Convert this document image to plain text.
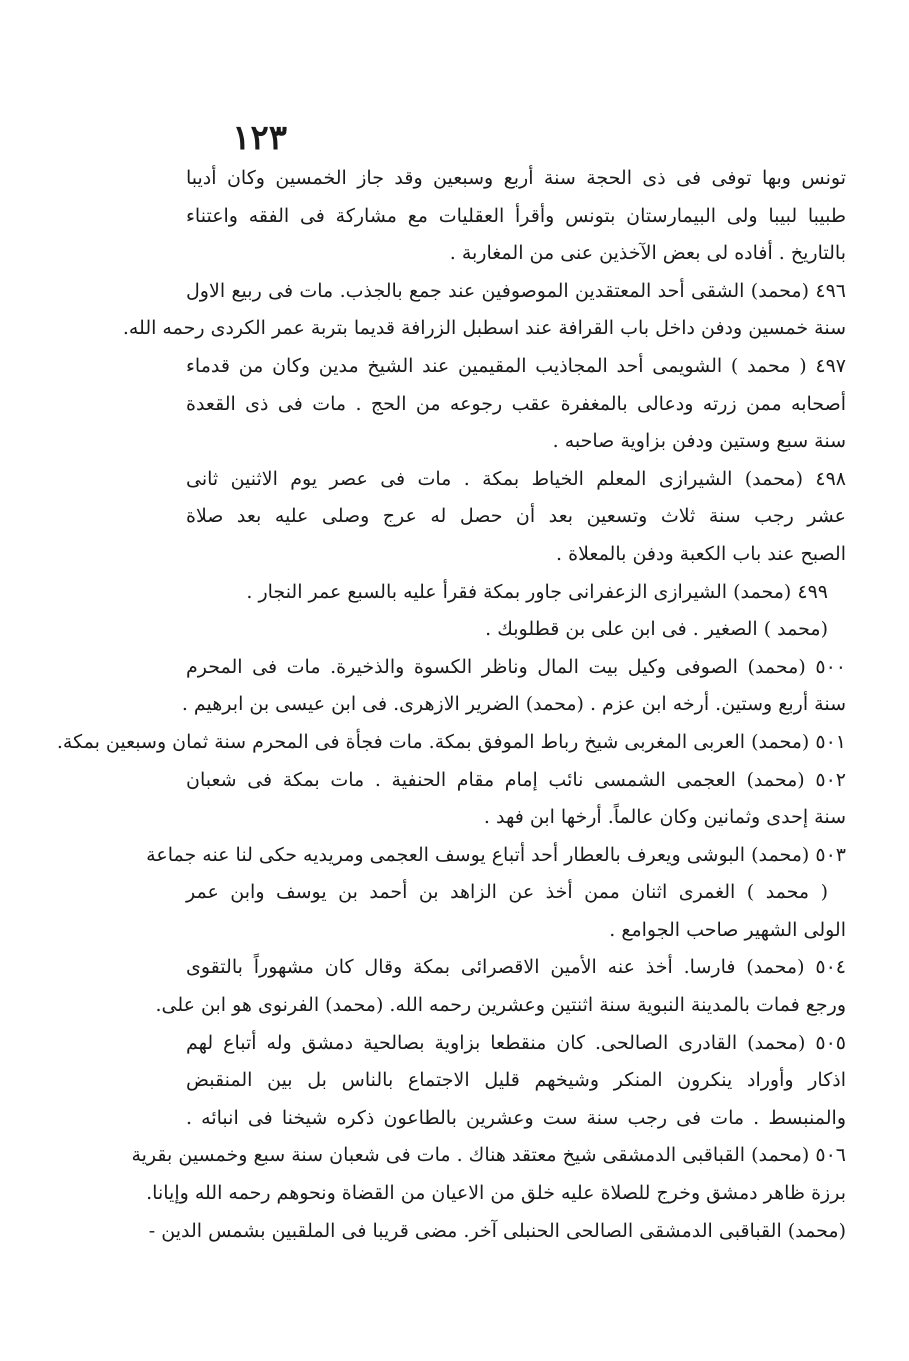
١٢٣
تونس وبها توفى فى ذى الحجة سنة أربع وسبعين وقد جاز الخمسين وكان أديبا
طبيبا لبيبا ولى البيمارستان بتونس وأقرأ العقليات مع مشاركة فى الفقه واعتناء
بالتاريخ . أفاده لى بعض الآخذين عنى من المغاربة .
٤٩٦ (محمد) الشقى أحد المعتقدين الموصوفين عند جمع بالجذب. مات فى ربيع الاول
سنة خمسين ودفن داخل باب القرافة عند اسطبل الزرافة قديما بتربة عمر الكردى رحمه الله.
٤٩٧ ( محمد ) الشويمى أحد المجاذيب المقيمين عند الشيخ مدين وكان من قدماء
أصحابه ممن زرته ودعالى بالمغفرة عقب رجوعه من الحج . مات فى ذى القعدة
سنة سبع وستين ودفن بزاوية صاحبه .
٤٩٨ (محمد) الشيرازى المعلم الخياط بمكة . مات فى عصر يوم الاثنين ثانى
عشر رجب سنة ثلاث وتسعين بعد أن حصل له عرج وصلى عليه بعد صلاة
الصبح عند باب الكعبة ودفن بالمعلاة .
٤٩٩ (محمد) الشيرازى الزعفرانى جاور بمكة فقرأ عليه بالسبع عمر النجار .
(محمد ) الصغير . فى ابن على بن قطلوبك .
٥٠٠ (محمد) الصوفى وكيل بيت المال وناظر الكسوة والذخيرة. مات فى المحرم
سنة أربع وستين. أرخه ابن عزم . (محمد) الضرير الازهرى. فى ابن عيسى بن ابرهيم .
٥٠١ (محمد) العربى المغربى شيخ رباط الموفق بمكة. مات فجأة فى المحرم سنة ثمان وسبعين بمكة.
٥٠٢ (محمد) العجمى الشمسى نائب إمام مقام الحنفية . مات بمكة فى شعبان
سنة إحدى وثمانين وكان عالماً. أرخها ابن فهد .
٥٠٣ (محمد) البوشى ويعرف بالعطار أحد أتباع يوسف العجمى ومريديه حكى لنا عنه جماعة
( محمد ) الغمرى اثنان ممن أخذ عن الزاهد بن أحمد بن يوسف وابن عمر
الولى الشهير صاحب الجوامع .
٥٠٤ (محمد) فارسا. أخذ عنه الأمين الاقصرائى بمكة وقال كان مشهوراً بالتقوى
ورجع فمات بالمدينة النبوية سنة اثنتين وعشرين رحمه الله. (محمد) الفرنوى هو ابن على.
٥٠٥ (محمد) القادرى الصالحى. كان منقطعا بزاوية بصالحية دمشق وله أتباع لهم
اذكار وأوراد ينكرون المنكر وشيخهم قليل الاجتماع بالناس بل بين المنقبض
والمنبسط . مات فى رجب سنة ست وعشرين بالطاعون ذكره شيخنا فى انبائه .
٥٠٦ (محمد) القباقبى الدمشقى شيخ معتقد هناك . مات فى شعبان سنة سبع وخمسين بقرية
برزة ظاهر دمشق وخرج للصلاة عليه خلق من الاعيان من القضاة ونحوهم رحمه الله وإيانا.
(محمد) القباقبى الدمشقى الصالحى الحنبلى آخر. مضى قريبا فى الملقبين بشمس الدين -
